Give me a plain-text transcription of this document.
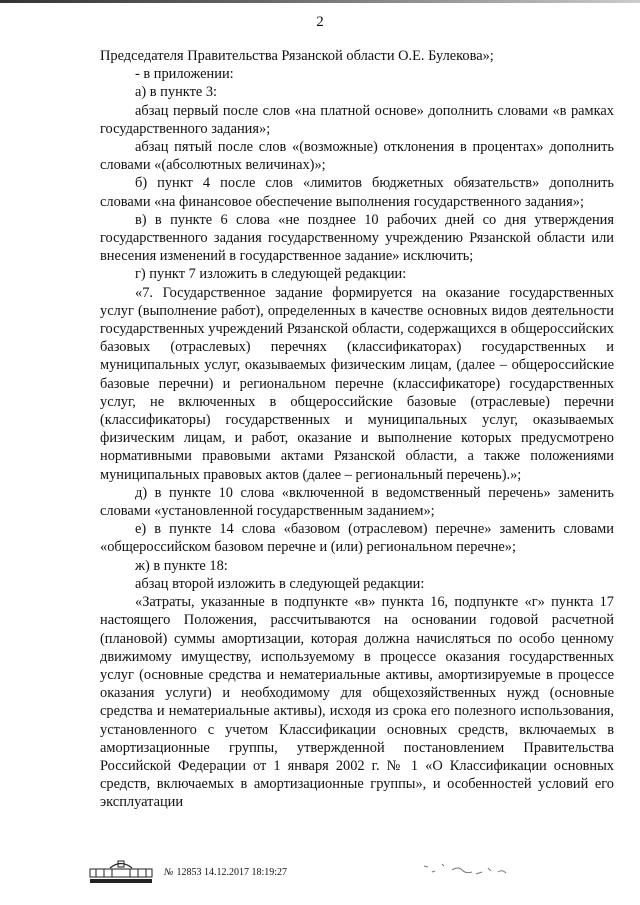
2

Председателя Правительства Рязанской области О.Е. Булекова»;

- в приложении:

а) в пункте 3:

абзац первый после слов «на платной основе» дополнить словами «в рамках государственного задания»;

абзац пятый после слов «(возможные) отклонения в процентах» дополнить словами «(абсолютных величинах)»;

б) пункт 4 после слов «лимитов бюджетных обязательств» дополнить словами «на финансовое обеспечение выполнения государственного задания»;

в) в пункте 6 слова «не позднее 10 рабочих дней со дня утверждения государственного задания государственному учреждению Рязанской области или внесения изменений в государственное задание» исключить;

г) пункт 7 изложить в следующей редакции:

«7. Государственное задание формируется на оказание государственных услуг (выполнение работ), определенных в качестве основных видов деятельности государственных учреждений Рязанской области, содержащихся в общероссийских базовых (отраслевых) перечнях (классификаторах) государственных и муниципальных услуг, оказываемых физическим лицам, (далее – общероссийские базовые перечни) и региональном перечне (классификаторе) государственных услуг, не включенных в общероссийские базовые (отраслевые) перечни (классификаторы) государственных и муниципальных услуг, оказываемых физическим лицам, и работ, оказание и выполнение которых предусмотрено нормативными правовыми актами Рязанской области, а также положениями муниципальных правовых актов (далее – региональный перечень).»;

д) в пункте 10 слова «включенной в ведомственный перечень» заменить словами «установленной государственным заданием»;

е) в пункте 14 слова «базовом (отраслевом) перечне» заменить словами «общероссийском базовом перечне и (или) региональном перечне»;

ж) в пункте 18:

абзац второй изложить в следующей редакции:

«Затраты, указанные в подпункте «в» пункта 16, подпункте «г» пункта 17 настоящего Положения, рассчитываются на основании годовой расчетной (плановой) суммы амортизации, которая должна начисляться по особо ценному движимому имуществу, используемому в процессе оказания государственных услуг (основные средства и нематериальные активы, амортизируемые в процессе оказания услуги) и необходимому для общехозяйственных нужд (основные средства и нематериальные активы), исходя из срока его полезного использования, установленного с учетом Классификации основных средств, включаемых в амортизационные группы, утвержденной постановлением Правительства Российской Федерации от 1 января 2002 г. № 1 «О Классификации основных средств, включаемых в амортизационные группы», и особенностей условий его эксплуатации

№ 12853 14.12.2017 18:19:27
